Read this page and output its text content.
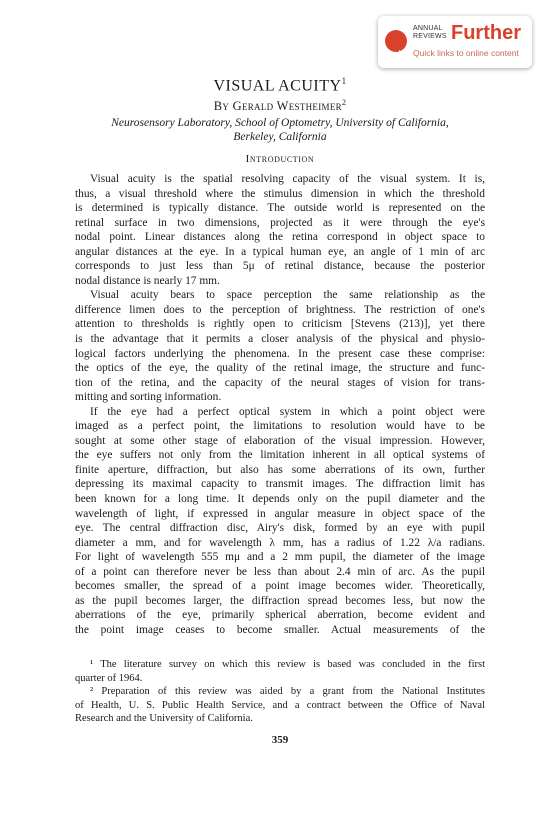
ANNUAL
REVIEWS Further
Quick links to online content
VISUAL ACUITY$^1$
By Gerald Westheimer$^2$
Neurosensory Laboratory, School of Optometry, University of California,
Berkeley, California
Introduction
Visual acuity is the spatial resolving capacity of the visual system. It is,
thus, a visual threshold where the stimulus dimension in which the threshold
is determined is typically distance. The outside world is represented on the
retinal surface in two dimensions, projected as it were through the eye's
nodal point. Linear distances along the retina correspond in object space to
angular distances at the eye. In a typical human eye, an angle of 1 min of arc
corresponds to just less than 5μ of retinal distance, because the posterior
nodal distance is nearly 17 mm.
Visual acuity bears to space perception the same relationship as the
difference limen does to the perception of brightness. The restriction of one's
attention to thresholds is rightly open to criticism [Stevens (213)], yet there
is the advantage that it permits a closer analysis of the physical and physio-
logical factors underlying the phenomena. In the present case these comprise:
the optics of the eye, the quality of the retinal image, the structure and func-
tion of the retina, and the capacity of the neural stages of vision for trans-
mitting and sorting information.
If the eye had a perfect optical system in which a point object were
imaged as a perfect point, the limitations to resolution would have to be
sought at some other stage of elaboration of the visual impression. However,
the eye suffers not only from the limitation inherent in all optical systems of
finite aperture, diffraction, but also has some aberrations of its own, further
depressing its maximal capacity to transmit images. The diffraction limit has
been known for a long time. It depends only on the pupil diameter and the
wavelength of light, if expressed in angular measure in object space of the
eye. The central diffraction disc, Airy's disk, formed by an eye with pupil
diameter a mm, and for wavelength λ mm, has a radius of 1.22 λ/a radians.
For light of wavelength 555 mμ and a 2 mm pupil, the diameter of the image
of a point can therefore never be less than about 2.4 min of arc. As the pupil
becomes smaller, the spread of a point image becomes wider. Theoretically,
as the pupil becomes larger, the diffraction spread becomes less, but now the
aberrations of the eye, primarily spherical aberration, become evident and
the point image ceases to become smaller. Actual measurements of the
¹ The literature survey on which this review is based was concluded in the first
quarter of 1964.
² Preparation of this review was aided by a grant from the National Institutes
of Health, U. S. Public Health Service, and a contract between the Office of Naval
Research and the University of California.
359
